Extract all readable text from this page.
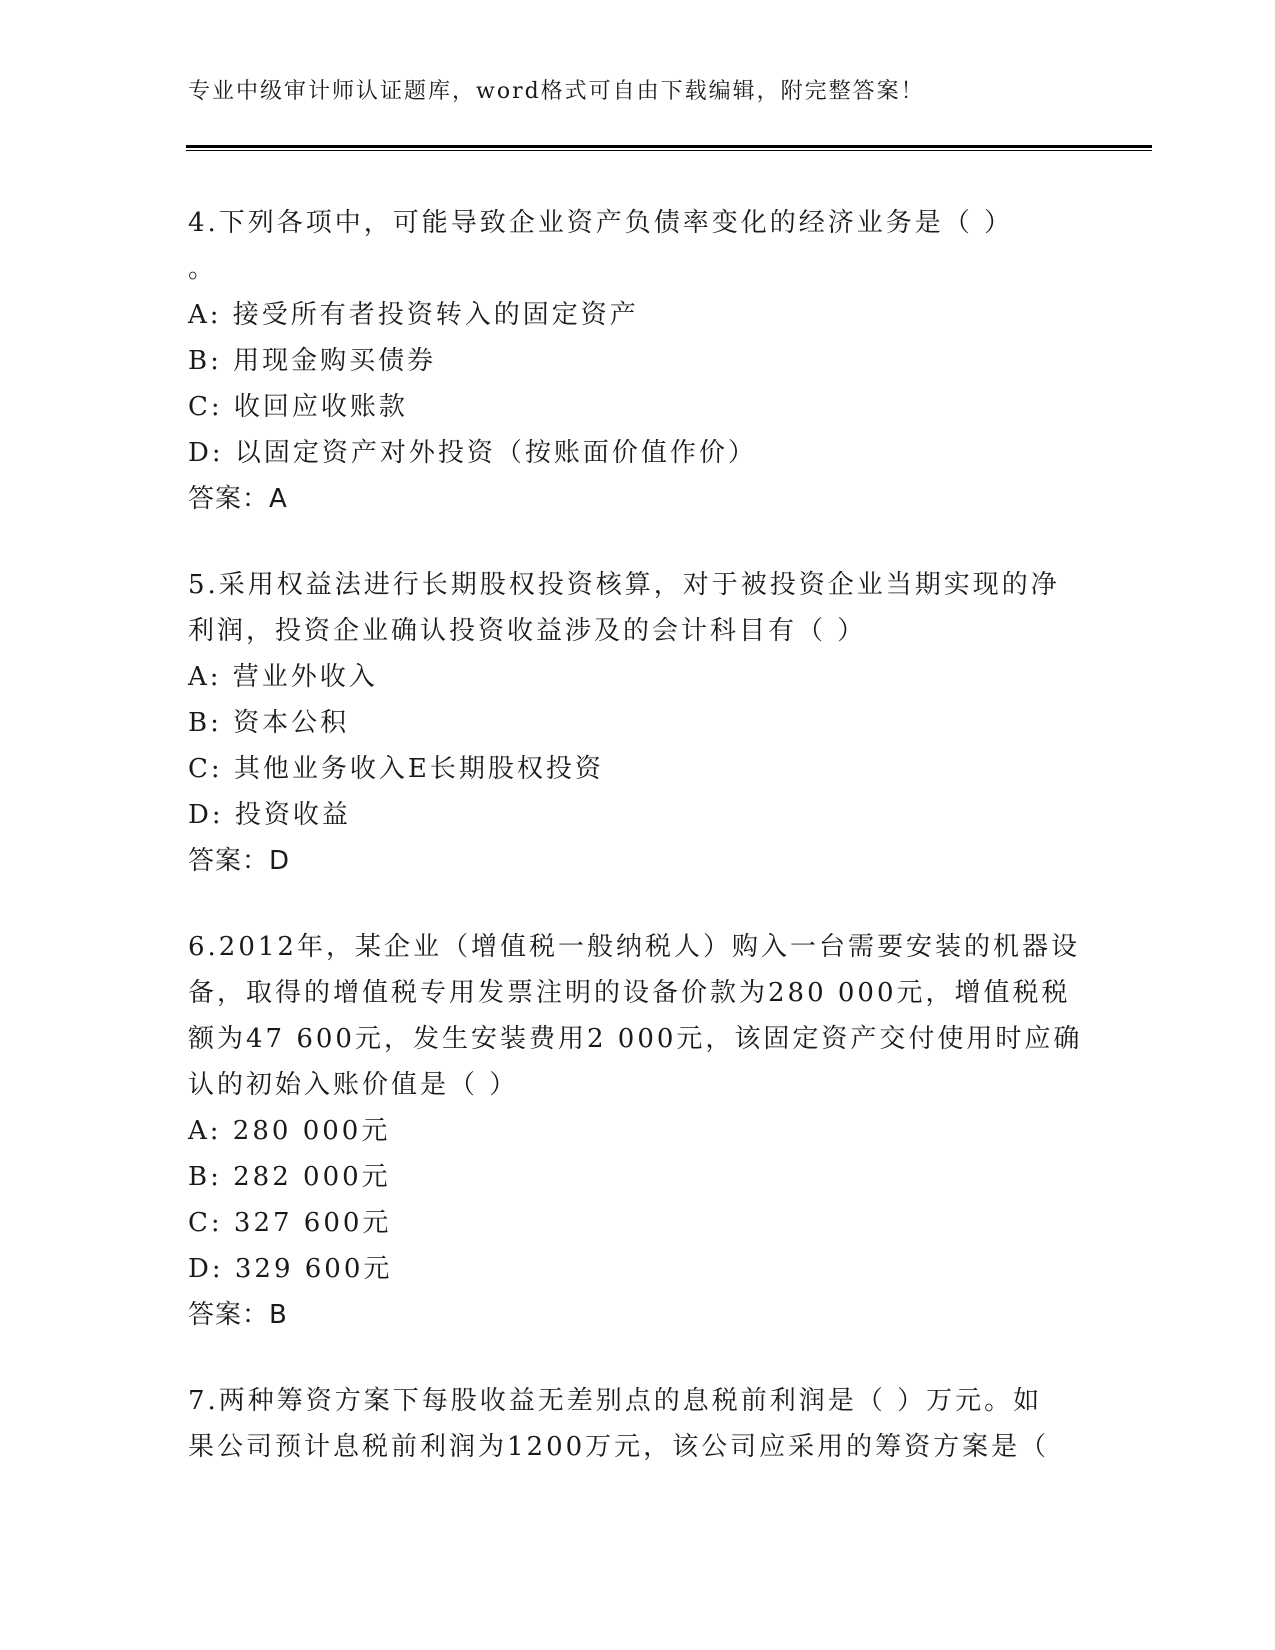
专业中级审计师认证题库，word格式可自由下载编辑，附完整答案！
4.下列各项中，可能导致企业资产负债率变化的经济业务是（ ）
。
A: 接受所有者投资转入的固定资产
B: 用现金购买债券
C: 收回应收账款
D: 以固定资产对外投资（按账面价值作价）
答案：A
5.采用权益法进行长期股权投资核算，对于被投资企业当期实现的净
利润，投资企业确认投资收益涉及的会计科目有（ ）
A: 营业外收入
B: 资本公积
C: 其他业务收入E长期股权投资
D: 投资收益
答案：D
6.2012年，某企业（增值税一般纳税人）购入一台需要安装的机器设
备，取得的增值税专用发票注明的设备价款为280 000元，增值税税
额为47 600元，发生安装费用2 000元，该固定资产交付使用时应确
认的初始入账价值是（ ）
A: 280 000元
B: 282 000元
C: 327 600元
D: 329 600元
答案：B
7.两种筹资方案下每股收益无差别点的息税前利润是（ ）万元。如
果公司预计息税前利润为1200万元，该公司应采用的筹资方案是（
